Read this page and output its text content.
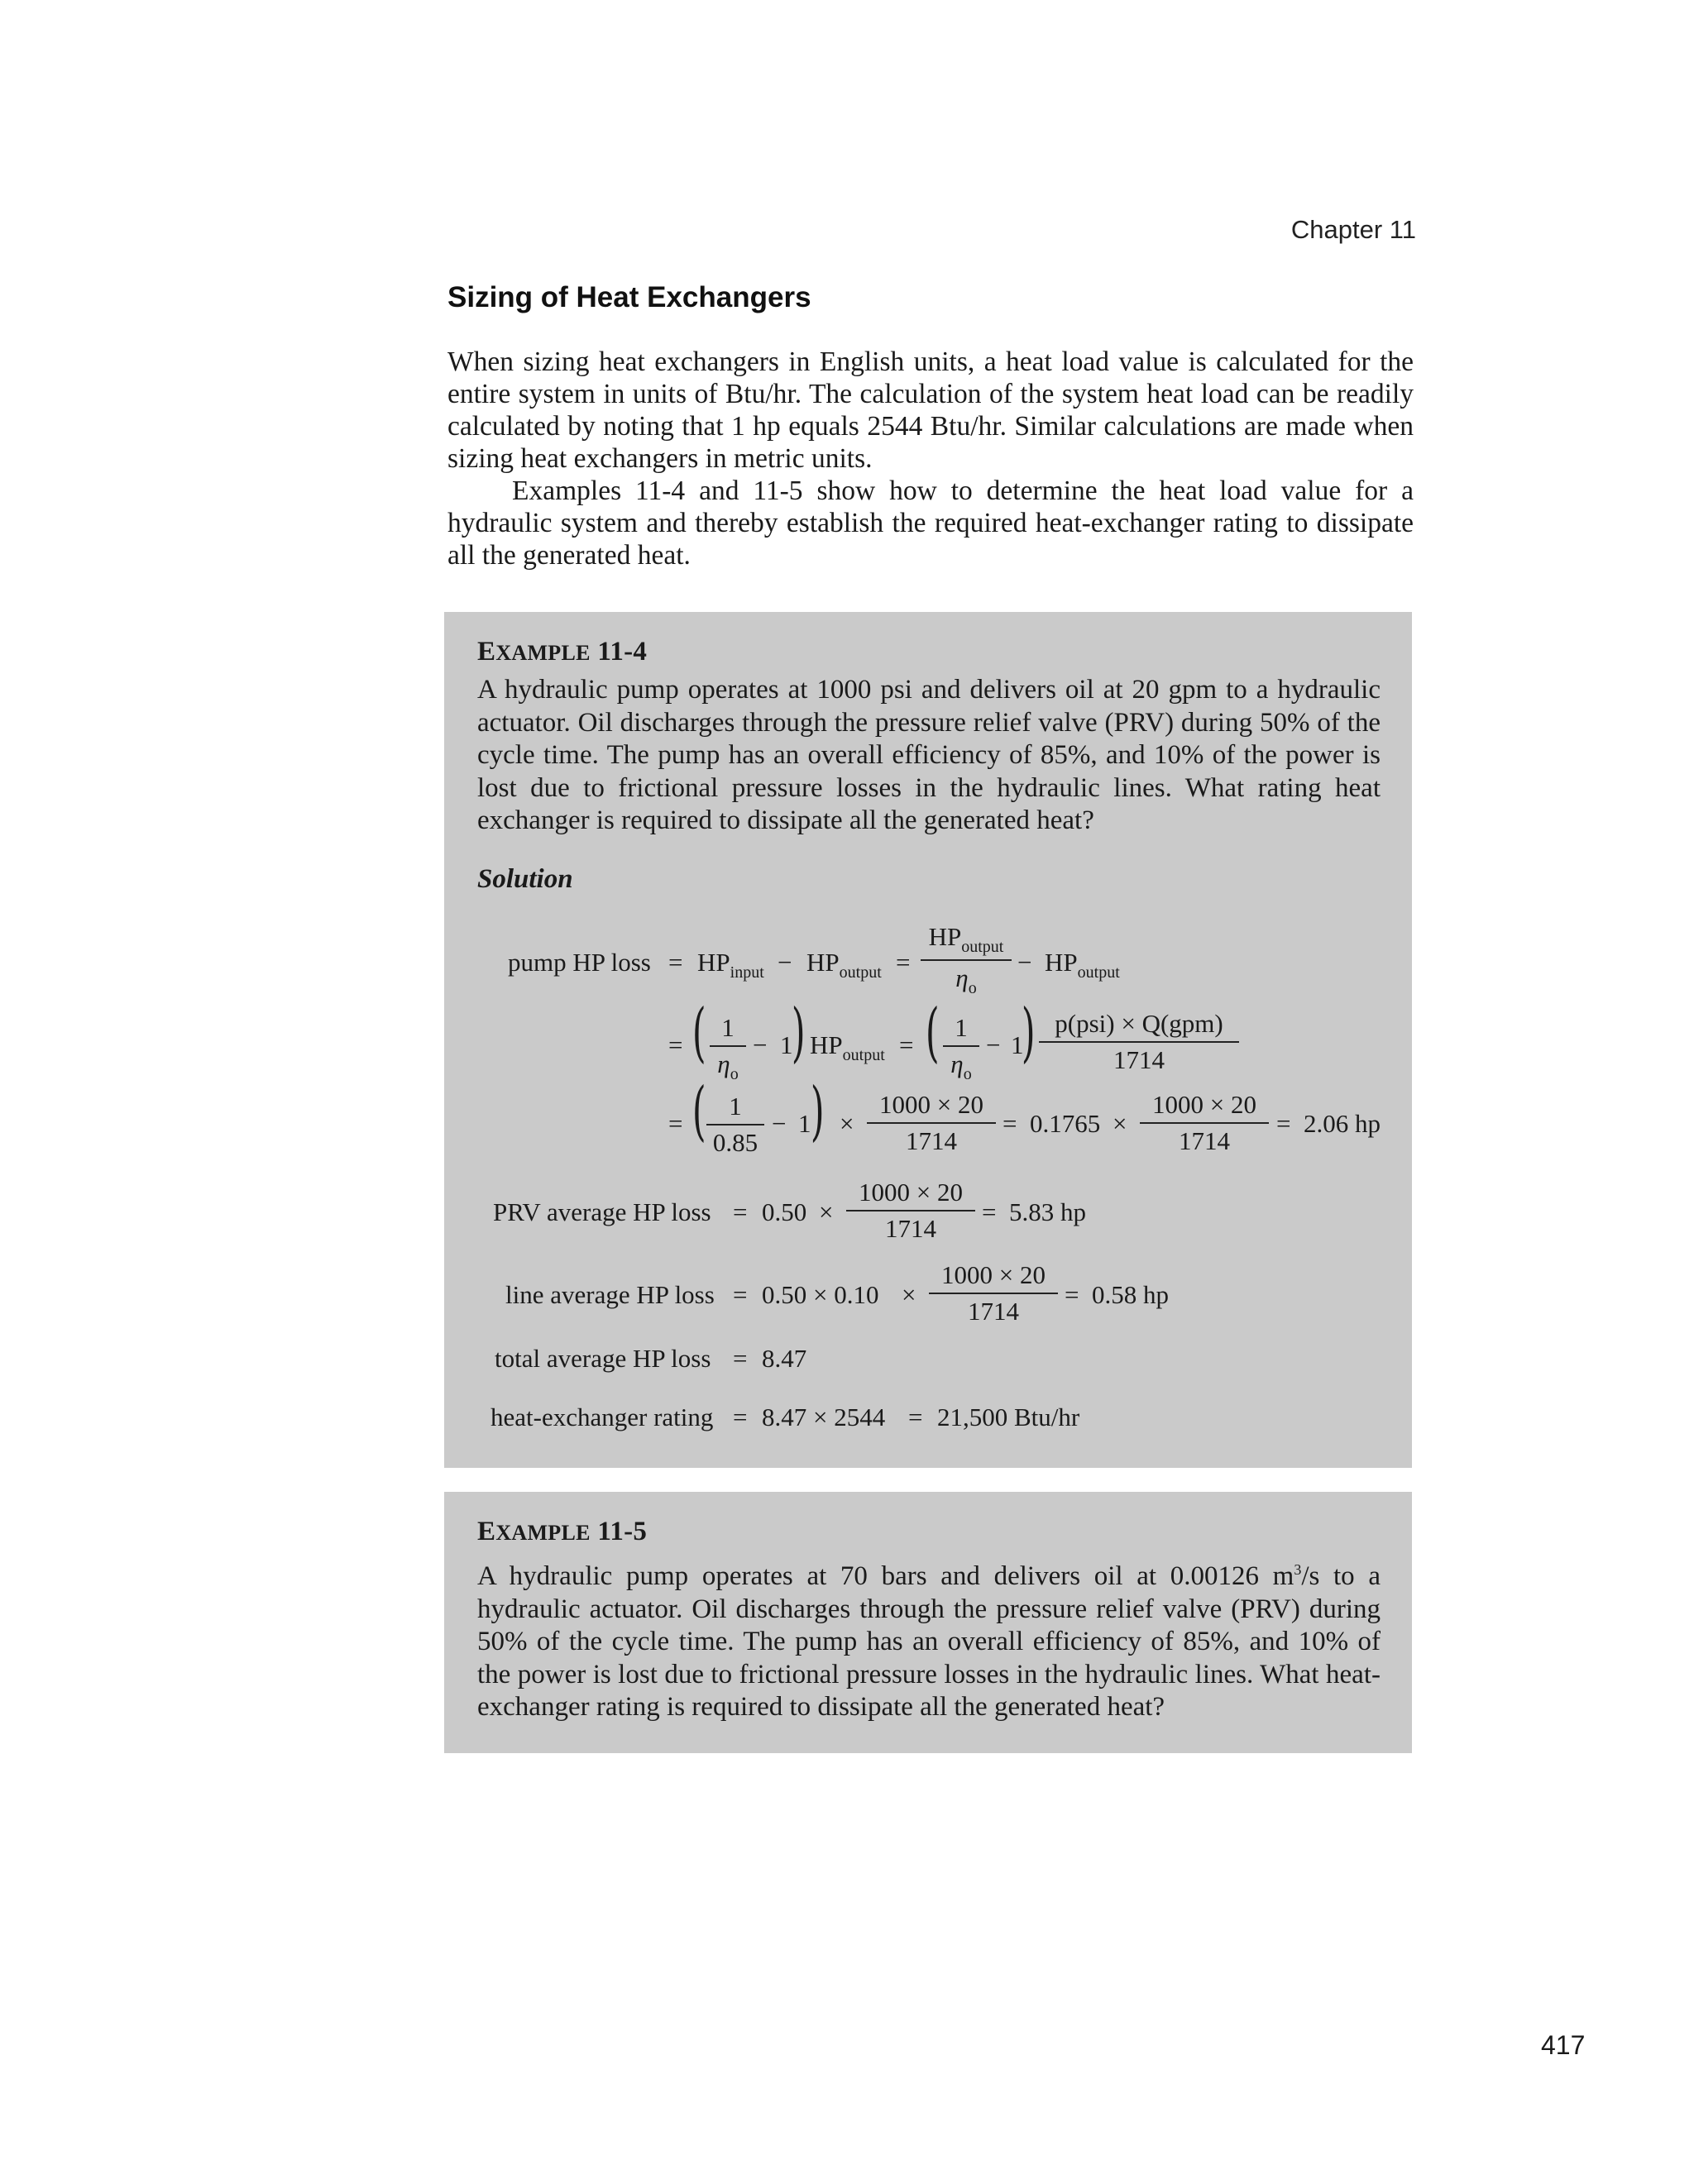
Chapter 11
Sizing of Heat Exchangers

When sizing heat exchangers in English units, a heat load value is calculated for the entire system in units of Btu/hr. The calculation of the system heat load can be readily calculated by noting that 1 hp equals 2544 Btu/hr. Similar calculations are made when sizing heat exchangers in metric units.

Examples 11-4 and 11-5 show how to determine the heat load value for a hydraulic system and thereby establish the required heat-exchanger rating to dissipate all the generated heat.

EXAMPLE 11-4

A hydraulic pump operates at 1000 psi and delivers oil at 20 gpm to a hydraulic actuator. Oil discharges through the pressure relief valve (PRV) during 50% of the cycle time. The pump has an overall efficiency of 85%, and 10% of the power is lost due to frictional pressure losses in the hydraulic lines. What rating heat exchanger is required to dissipate all the generated heat?

Solution
pump HP loss = $HP_{input} - HP_{output}$ =
$HP_{output}$
$\eta_o$
− $HP_{output}$
= ( $\frac{1}{\eta_o} - 1$
) $HP_{output}$ = ( $\frac{1}{\eta_o} - 1$
) p(psi) × Q(gpm)
1714
= ( $\frac{1}{0.85} - 1$ ) × $\frac{1000 \times 20}{1714} = 0.1765 \times \frac{1000 \times 20}{1714} = 2.06$ hp
PRV average HP loss = $0.50 \times \frac{1000 \times 20}{1714} = 5.83$ hp
line average HP loss = $0.50 \times 0.10 \times \frac{1000 \times 20}{1714} = 0.58$ hp
total average HP loss = 8.47
heat-exchanger rating = 8.47 × 2544 = 21,500 Btu/hr
EXAMPLE 11-5

A hydraulic pump operates at 70 bars and delivers oil at 0.00126 $m^3/s$ to a hydraulic actuator. Oil discharges through the pressure relief valve (PRV) during 50% of the cycle time. The pump has an overall efficiency of 85%, and 10% of the power is lost due to frictional pressure losses in the hydraulic lines. What heat-exchanger rating is required to dissipate all the generated heat?

417
